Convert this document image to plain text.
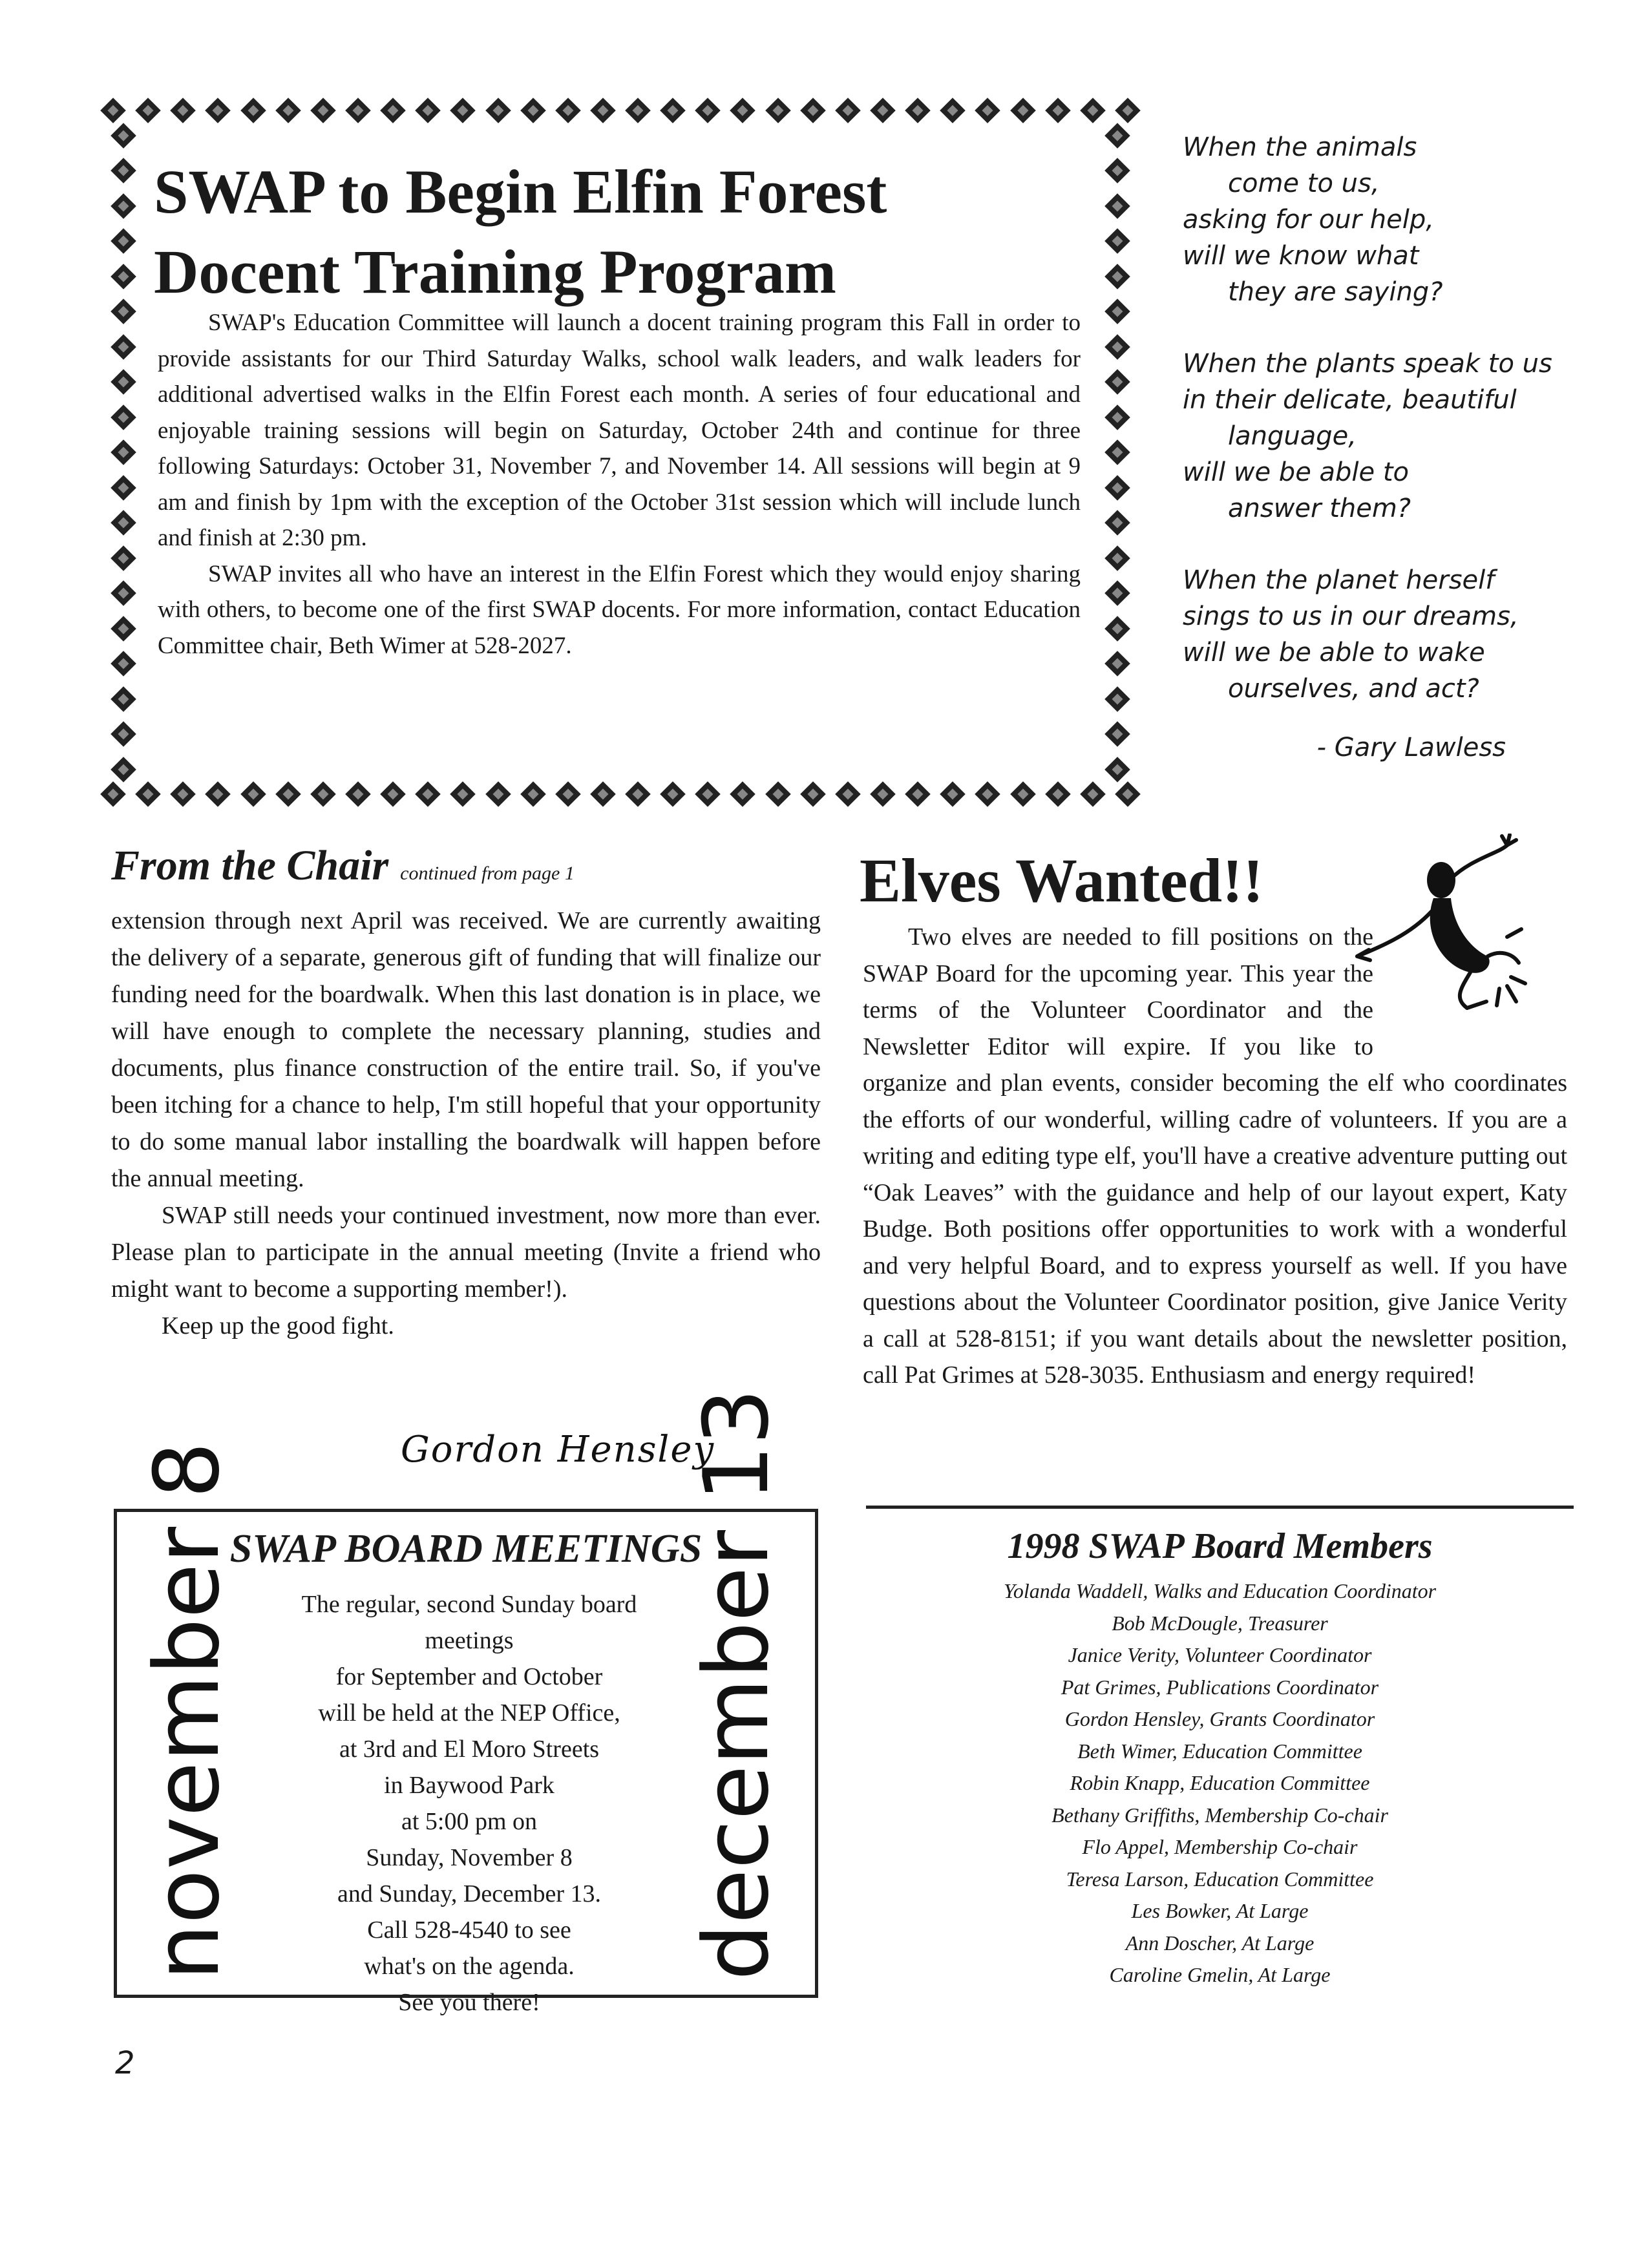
SWAP to Begin Elfin Forest
Docent Training Program

SWAP's Education Committee will launch a docent training program this Fall in order to provide assistants for our Third Saturday Walks, school walk leaders, and walk leaders for additional advertised walks in the Elfin Forest each month. A series of four educational and enjoyable training sessions will begin on Saturday, October 24th and continue for three following Saturdays: October 31, November 7, and November 14. All sessions will begin at 9 am and finish by 1pm with the exception of the October 31st session which will include lunch and finish at 2:30 pm.

SWAP invites all who have an interest in the Elfin Forest which they would enjoy sharing with others, to become one of the first SWAP docents. For more information, contact Education Committee chair, Beth Wimer at 528-2027.

When the animals
come to us,
asking for our help,
will we know what
they are saying?
When the plants speak to us
in their delicate, beautiful
language,
will we be able to
answer them?
When the planet herself
sings to us in our dreams,
will we be able to wake
ourselves, and act?
- Gary Lawless
From the Chair continued from page 1

extension through next April was received. We are currently awaiting the delivery of a separate, generous gift of funding that will finalize our funding need for the boardwalk. When this last donation is in place, we will have enough to complete the necessary planning, studies and documents, plus finance construction of the entire trail. So, if you've been itching for a chance to help, I'm still hopeful that your opportunity to do some manual labor installing the boardwalk will happen before the annual meeting.

SWAP still needs your continued investment, now more than ever. Please plan to participate in the annual meeting (Invite a friend who might want to become a supporting member!).

Keep up the good fight.

Gordon Hensley
Elves Wanted!!

Two elves are needed to fill positions on the SWAP Board for the upcoming year. This year the terms of the Volunteer Coordinator and the Newsletter Editor will expire. If you like to organize and plan events, consider becoming the elf who coordinates the efforts of our wonderful, willing cadre of volunteers. If you are a writing and editing type elf, you'll have a creative adventure putting out “Oak Leaves” with the guidance and help of our layout expert, Katy Budge. Both positions offer opportunities to work with a wonderful and very helpful Board, and to express yourself as well. If you have questions about the Volunteer Coordinator position, give Janice Verity a call at 528-8151; if you want details about the newsletter position, call Pat Grimes at 528-3035. Enthusiasm and energy required!

SWAP BOARD MEETINGS
The regular, second Sunday board meetings
for September and October
will be held at the NEP Office,
at 3rd and El Moro Streets
in Baywood Park
at 5:00 pm on
Sunday, November 8
and Sunday, December 13.
Call 528-4540 to see
what's on the agenda.
See you there!
november 8	december 13	1998 SWAP Board Members
Yolanda Waddell, Walks and Education Coordinator
Bob McDougle, Treasurer
Janice Verity, Volunteer Coordinator
Pat Grimes, Publications Coordinator
Gordon Hensley, Grants Coordinator
Beth Wimer, Education Committee
Robin Knapp, Education Committee
Bethany Griffiths, Membership Co-chair
Flo Appel, Membership Co-chair
Teresa Larson, Education Committee
Les Bowker, At Large
Ann Doscher, At Large
Caroline Gmelin, At Large
2
